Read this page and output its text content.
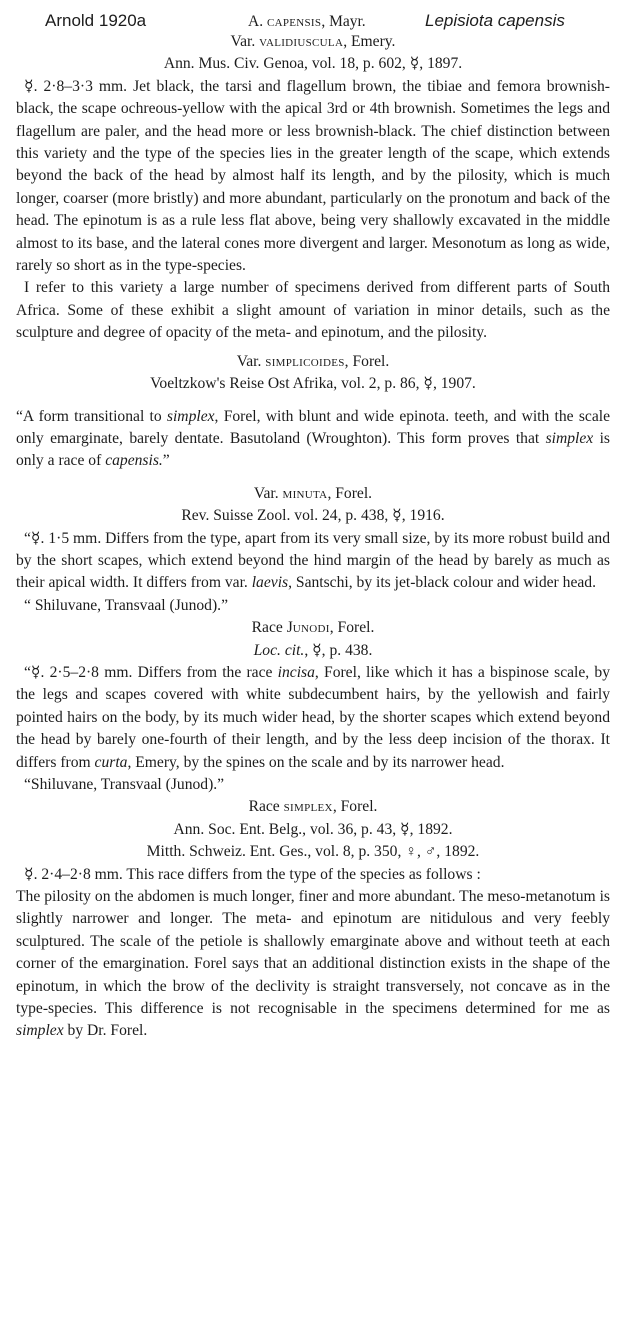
Arnold 1920a	A. capensis, Mayr.	Lepisiota capensis

Var. validiuscula, Emery.

Ann. Mus. Civ. Genoa, vol. 18, p. 602, ☿, 1897.

☿. 2·8–3·3 mm. Jet black, the tarsi and flagellum brown, the tibiae and femora brownish-black, the scape ochreous-yellow with the apical 3rd or 4th brownish. Sometimes the legs and flagellum are paler, and the head more or less brownish-black. The chief distinction between this variety and the type of the species lies in the greater length of the scape, which extends beyond the back of the head by almost half its length, and by the pilosity, which is much longer, coarser (more bristly) and more abundant, particularly on the pronotum and back of the head. The epinotum is as a rule less flat above, being very shallowly excavated in the middle almost to its base, and the lateral cones more divergent and larger. Mesonotum as long as wide, rarely so short as in the type-species.

I refer to this variety a large number of specimens derived from different parts of South Africa. Some of these exhibit a slight amount of variation in minor details, such as the sculpture and degree of opacity of the meta- and epinotum, and the pilosity.

Var. simplicoides, Forel.

Voeltzkow's Reise Ost Afrika, vol. 2, p. 86, ☿, 1907.

“A form transitional to simplex, Forel, with blunt and wide epinota. teeth, and with the scale only emarginate, barely dentate. Basutoland (Wroughton). This form proves that simplex is only a race of capensis.”

Var. minuta, Forel.

Rev. Suisse Zool. vol. 24, p. 438, ☿, 1916.

“☿. 1·5 mm. Differs from the type, apart from its very small size, by its more robust build and by the short scapes, which extend beyond the hind margin of the head by barely as much as their apical width. It differs from var. laevis, Santschi, by its jet-black colour and wider head.

“ Shiluvane, Transvaal (Junod).”

Race Junodi, Forel.

Loc. cit., ☿, p. 438.

“☿. 2·5–2·8 mm. Differs from the race incisa, Forel, like which it has a bispinose scale, by the legs and scapes covered with white subdecumbent hairs, by the yellowish and fairly pointed hairs on the body, by its much wider head, by the shorter scapes which extend beyond the head by barely one-fourth of their length, and by the less deep incision of the thorax. It differs from curta, Emery, by the spines on the scale and by its narrower head.

“Shiluvane, Transvaal (Junod).”

Race simplex, Forel.

Ann. Soc. Ent. Belg., vol. 36, p. 43, ☿, 1892.

Mitth. Schweiz. Ent. Ges., vol. 8, p. 350, ♀, ♂, 1892.

☿. 2·4–2·8 mm. This race differs from the type of the species as follows :

The pilosity on the abdomen is much longer, finer and more abundant. The meso-metanotum is slightly narrower and longer. The meta- and epinotum are nitidulous and very feebly sculptured. The scale of the petiole is shallowly emarginate above and without teeth at each corner of the emargination. Forel says that an additional distinction exists in the shape of the epinotum, in which the brow of the declivity is straight transversely, not concave as in the type-species. This difference is not recognisable in the specimens determined for me as simplex by Dr. Forel.
